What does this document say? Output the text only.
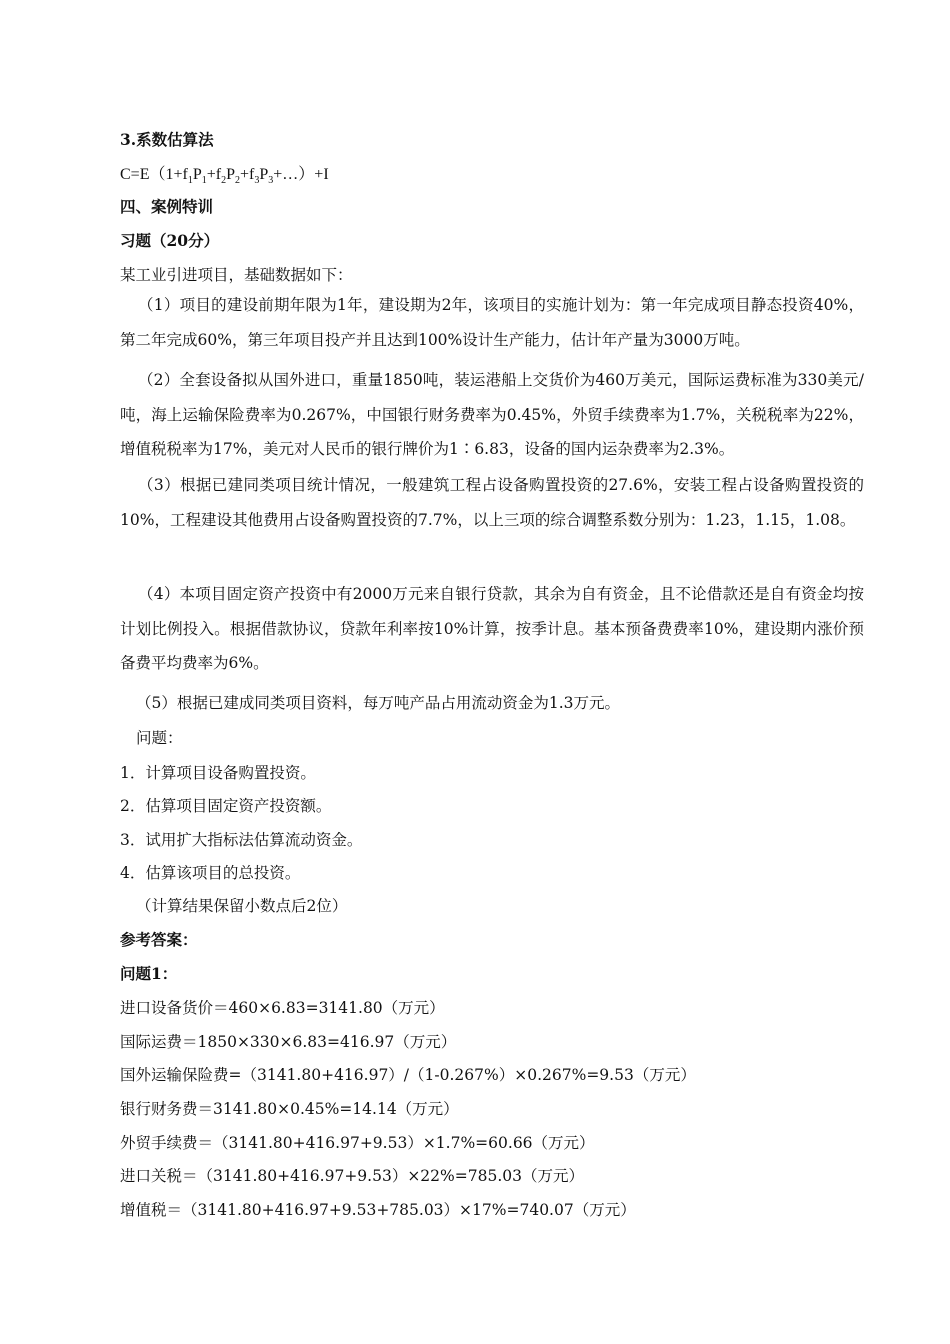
3.系数估算法
$C=E(1+f_1P_1+f_2P_2+f_3P_3+\dots)+I$
四、案例特训
习题（20分）
某工业引进项目，基础数据如下：
（1）项目的建设前期年限为1年，建设期为2年，该项目的实施计划为：第一年完成项目静态投资40%，第二年完成60%，第三年项目投产并且达到100%设计生产能力，估计年产量为3000万吨。
（2）全套设备拟从国外进口，重量1850吨，装运港船上交货价为460万美元，国际运费标准为330美元/吨，海上运输保险费率为0.267%，中国银行财务费率为0.45%，外贸手续费率为1.7%，关税税率为22%，增值税税率为17%，美元对人民币的银行牌价为1∶6.83，设备的国内运杂费率为2.3%。
（3）根据已建同类项目统计情况，一般建筑工程占设备购置投资的27.6%，安装工程占设备购置投资的10%，工程建设其他费用占设备购置投资的7.7%，以上三项的综合调整系数分别为：1.23，1.15，1.08。
（4）本项目固定资产投资中有2000万元来自银行贷款，其余为自有资金，且不论借款还是自有资金均按计划比例投入。根据借款协议，贷款年利率按10%计算，按季计息。基本预备费费率10%，建设期内涨价预备费平均费率为6%。
（5）根据已建成同类项目资料，每万吨产品占用流动资金为1.3万元。
问题：
1．计算项目设备购置投资。
2．估算项目固定资产投资额。
3．试用扩大指标法估算流动资金。
4．估算该项目的总投资。
（计算结果保留小数点后2位）
参考答案：
问题1：
进口设备货价＝460×6.83=3141.80（万元）
国际运费＝1850×330×6.83=416.97（万元）
国外运输保险费=（3141.80+416.97）/（1-0.267%）×0.267%=9.53（万元）
银行财务费＝3141.80×0.45%=14.14（万元）
外贸手续费＝（3141.80+416.97+9.53）×1.7%=60.66（万元）
进口关税＝（3141.80+416.97+9.53）×22%=785.03（万元）
增值税＝（3141.80+416.97+9.53+785.03）×17%=740.07（万元）
